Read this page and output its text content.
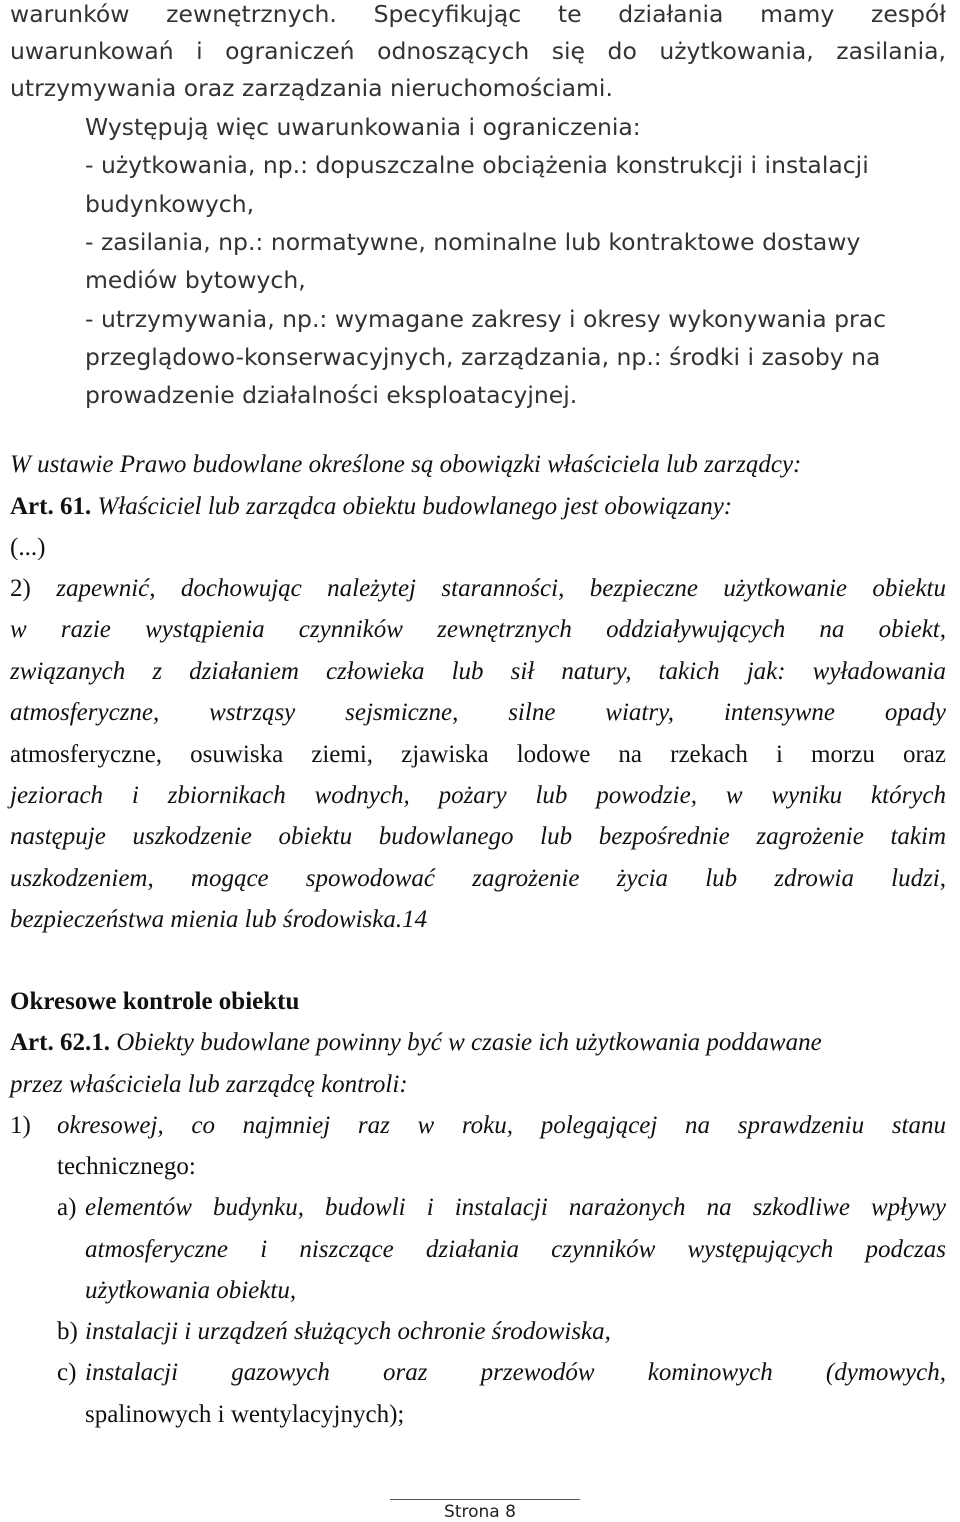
warunków zewnętrznych. Specyfikując te działania mamy zespół
uwarunkowań i ograniczeń odnoszących się do użytkowania, zasilania,
utrzymywania oraz zarządzania nieruchomościami.
Występują więc uwarunkowania i ograniczenia:
- użytkowania, np.: dopuszczalne obciążenia konstrukcji i instalacji
budynkowych,
- zasilania, np.: normatywne, nominalne lub kontraktowe dostawy
mediów bytowych,
- utrzymywania, np.: wymagane zakresy i okresy wykonywania prac
przeglądowo-konserwacyjnych, zarządzania, np.: środki i zasoby na
prowadzenie działalności eksploatacyjnej.
W ustawie Prawo budowlane określone są obowiązki właściciela lub zarządcy:
Art. 61. Właściciel lub zarządca obiektu budowlanego jest obowiązany:
(...)
2) zapewnić, dochowując należytej staranności, bezpieczne użytkowanie obiektu
w razie wystąpienia czynników zewnętrznych oddziaływujących na obiekt,
związanych z działaniem człowieka lub sił natury, takich jak: wyładowania
atmosferyczne, wstrząsy sejsmiczne, silne wiatry, intensywne opady
atmosferyczne, osuwiska ziemi, zjawiska lodowe na rzekach i morzu oraz
jeziorach i zbiornikach wodnych, pożary lub powodzie, w wyniku których
następuje uszkodzenie obiektu budowlanego lub bezpośrednie zagrożenie takim
uszkodzeniem, mogące spowodować zagrożenie życia lub zdrowia ludzi,
bezpieczeństwa mienia lub środowiska.14
Okresowe kontrole obiektu
Art. 62.1. Obiekty budowlane powinny być w czasie ich użytkowania poddawane
przez właściciela lub zarządcę kontroli:
1) okresowej, co najmniej raz w roku, polegającej na sprawdzeniu stanu
technicznego:
a) elementów budynku, budowli i instalacji narażonych na szkodliwe wpływy
atmosferyczne i niszczące działania czynników występujących podczas
użytkowania obiektu,
b) instalacji i urządzeń służących ochronie środowiska,
c) instalacji gazowych oraz przewodów kominowych (dymowych,
spalinowych i wentylacyjnych);
Strona 8
